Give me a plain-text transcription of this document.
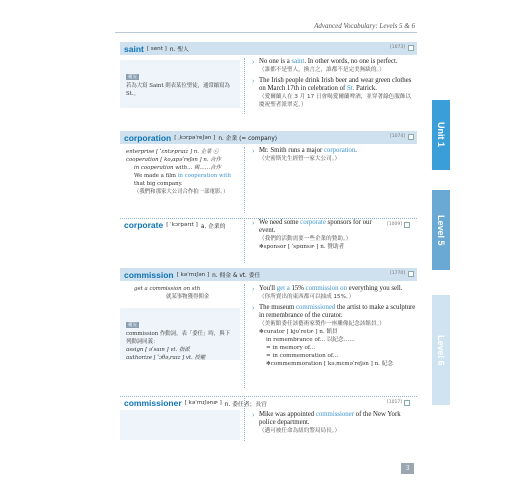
Advanced Vocabulary: Levels 5 & 6
saint [ sent ] n. 聖人	[1073]
補充
若為大寫 Saint 則表某位聖徒，通常縮寫為 St.。
› No one is a saint. In other words, no one is perfect.
（誰都不是聖人，換言之，誰都不是完美無缺的。）
› The Irish people drink Irish beer and wear green clothes on March 17th in celebration of St. Patrick.
（愛爾蘭人在 3 月 17 日會喝愛爾蘭啤酒，並穿著綠色服飾以慶祝聖者派翠克。）
corporation [ ˌkɔrpəˈreʃən ] n. 企業 (= company)	[1074]
enterprise [ ˈɛntɚpraɪz ] n. 企業 ⓒ
cooperation [ koˌɑpəˈreʃən ] n. 合作
in cooperation with... 與……合作
We made a film in cooperation with that big company.
（我們和那家大公司合作拍一部電影。）
› Mr. Smith runs a major corporation.
（史密斯先生經營一家大公司。）
corporate [ ˈkɔrpərɪt ] a. 企業的	[1009]
› We need some corporate sponsors for our event.
（我們的活動需要一些企業的贊助。）
✻sponsor [ ˈspɑnsɚ ] n. 贊助者
commission [ kəˈmɪʃən ] n. 佣金 & vt. 委任	[1770]
get a commission on sth
就某事物獲得佣金
補充
commission 作動詞，表「委任」時，與下列動詞同義：
assign [ əˈsaɪn ] vt. 指派
authorize [ ˈɔθəˌraɪz ] vt. 授權
› You'll get a 15% commission on everything you sell.
（你所賣出的東西都可以抽成 15%。）
› The museum commissioned the artist to make a sculpture in remembrance of the curator.
（美術館委任該藝術家製作一座雕像紀念該館員。）
✻curator [ kjʊˈretɚ ] n. 館員
in remembrance of... 以紀念……
= in memory of...
= in commemoration of...
✻commemmoration [ kəˌmɛməˈreʃən ] n. 紀念
commissioner [ kəˈmɪʃənɚ ] n. 委任者；長官	[1017]
› Mike was appointed commissioner of the New York police department.
（邁可被任命為紐約警局局長。）
Unit 1
Level 5
Level 6
3
